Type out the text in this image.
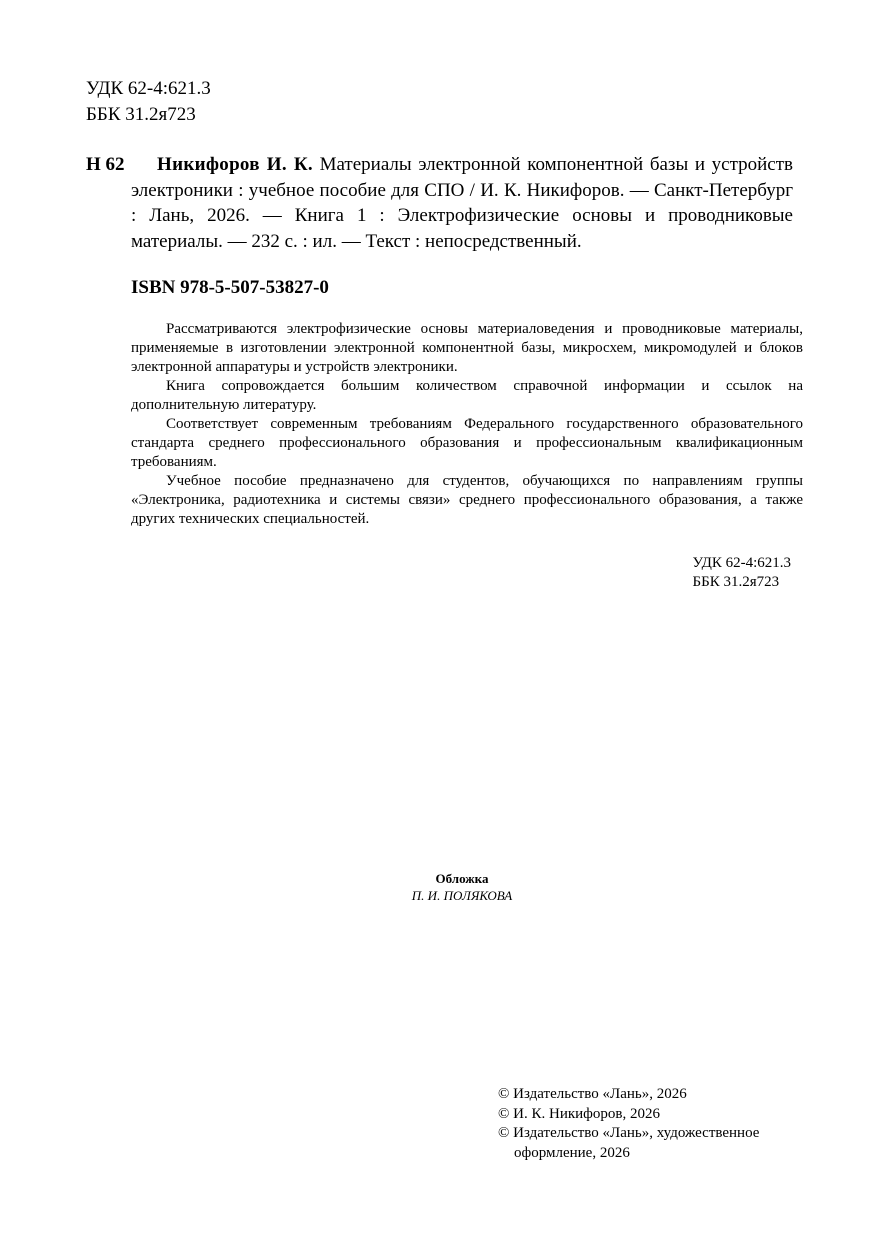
УДК 62-4:621.3
ББК 31.2я723
Н 62	Никифоров И. К. Материалы электронной компонентной базы и устройств электроники : учебное пособие для СПО / И. К. Никифоров. — Санкт-Петербург : Лань, 2026. — Книга 1 : Электрофизические основы и проводниковые материалы. — 232 с. : ил. — Текст : непосредственный.
ISBN 978-5-507-53827-0

Рассматриваются электрофизические основы материаловедения и проводниковые материалы, применяемые в изготовлении электронной компонентной базы, микросхем, микромодулей и блоков электронной аппаратуры и устройств электроники.

Книга сопровождается большим количеством справочной информации и ссылок на дополнительную литературу.

Соответствует современным требованиям Федерального государственного образовательного стандарта среднего профессионального образования и профессиональным квалификационным требованиям.

Учебное пособие предназначено для студентов, обучающихся по направлениям группы «Электроника, радиотехника и системы связи» среднего профессионального образования, а также других технических специальностей.

УДК 62-4:621.3
ББК 31.2я723
Обложка
П. И. ПОЛЯКОВА
© Издательство «Лань», 2026
© И. К. Никифоров, 2026
© Издательство «Лань», художественное оформление, 2026
